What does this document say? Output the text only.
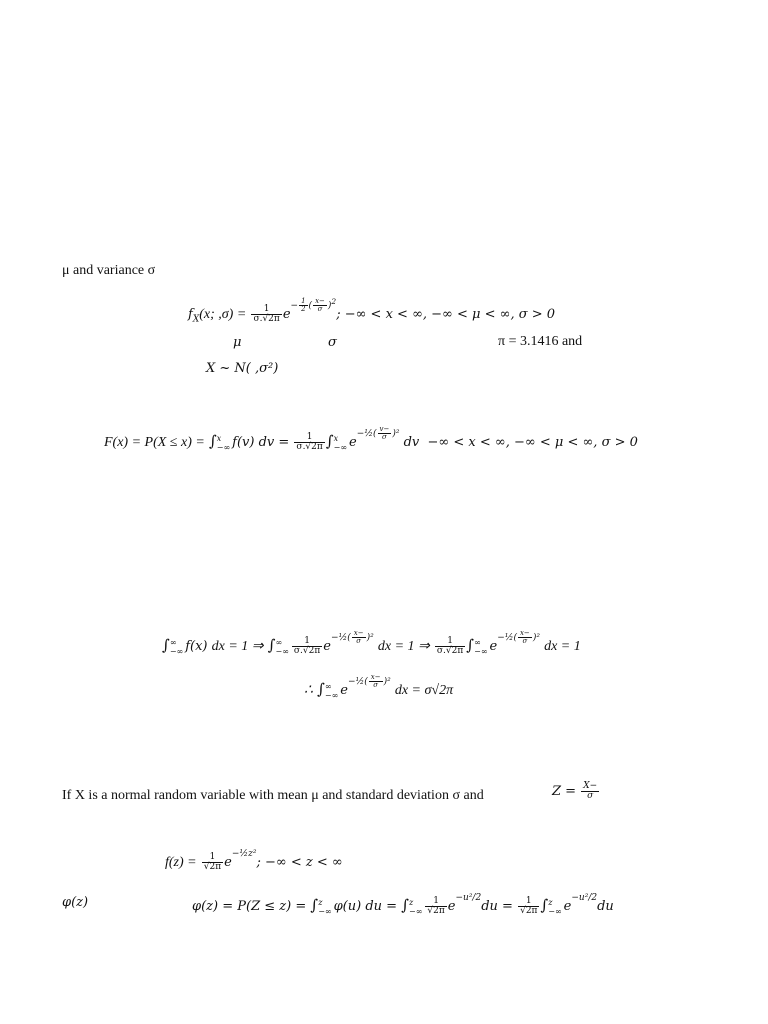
μ and variance σ
$f_X(x$; $,\sigma) = \frac{1}{\sigma.√2\pi} e- \frac{1}{2}$ ( $\frac{x-}{\sigma} )^2$; −∞ < x < ∞, −∞ < μ < ∞, σ > 0
μ	σ	π = 3.1416 and
X ~ N( ,σ²)
F(x) = P(X ≤ x) = ∫ x
−∞ f(v) dv = $\frac{1}{\sigma.√2\pi}$ ∫ x
−∞ e−½( $\frac{v-}{\sigma} )^2$ dv −∞ < x < ∞, −∞ < μ < ∞, σ > 0
∫ ∞
−∞ f(x) dx = 1 ⇒ ∫ ∞
−∞ $\frac{1}{\sigma.√2\pi}$ e−½( $\frac{x-}{\sigma} )^2$ dx = 1 ⇒ $\frac{1}{\sigma.√2\pi}$ ∫ ∞
−∞ e−½( $\frac{x-}{\sigma} )^2$ dx = 1
∴ ∫ ∞
−∞ e−½( $\frac{x-}{\sigma} )^2$ dx = σ√2π
If X is a normal random variable with mean μ and standard deviation σ and	$Z = \frac{X-}{\sigma}$
$f(z) = \frac{1}{√2\pi}$ e−½z²; −∞ < z < ∞
φ(z)	φ(z) = P(Z ≤ z) = ∫ z
−∞ φ(u) du = ∫ z
−∞ $\frac{1}{√2\pi} e-u^2/2du = \frac{1}{√2\pi}$ ∫ z
−∞ e−u²/2du
